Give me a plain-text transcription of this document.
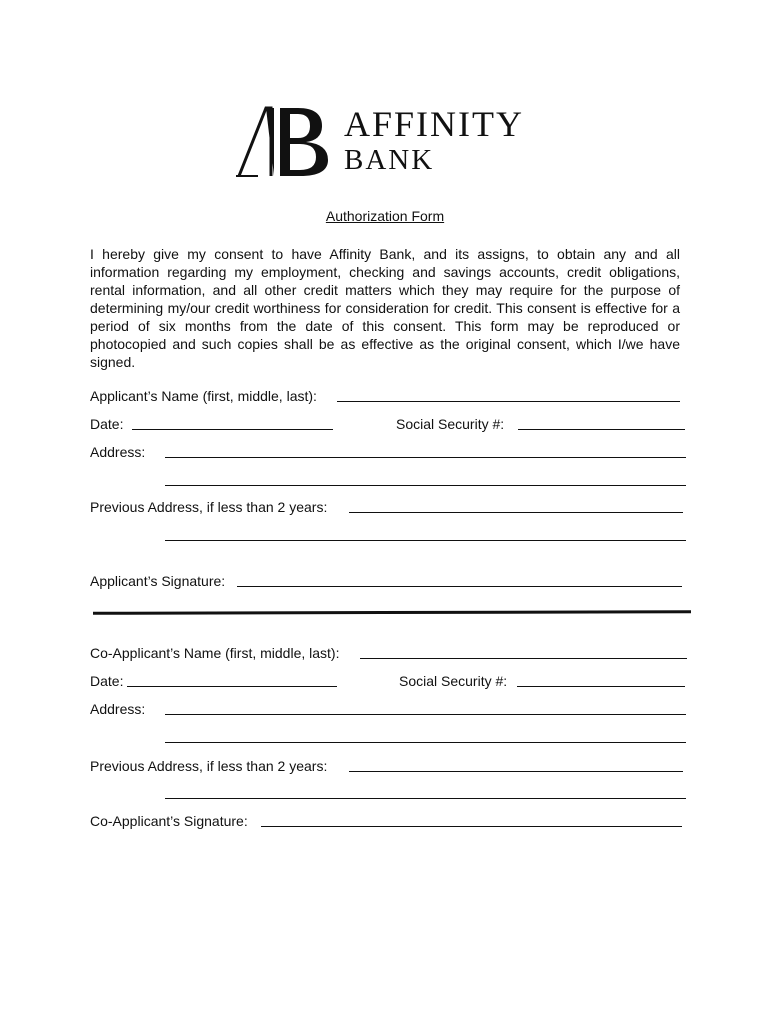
AFFINITY
BANK
Authorization Form

I hereby give my consent to have Affinity Bank, and its assigns, to obtain any and all information regarding my employment, checking and savings accounts, credit obligations, rental information, and all other credit matters which they may require for the purpose of determining my/our credit worthiness for consideration for credit. This consent is effective for a period of six months from the date of this consent. This form may be reproduced or photocopied and such copies shall be as effective as the original consent, which I/we have signed.

Applicant’s Name (first, middle, last):
Date:	Social Security #:
Address:
Previous Address, if less than 2 years:
Applicant’s Signature:
Co-Applicant’s Name (first, middle, last):
Date:	Social Security #:
Address:
Previous Address, if less than 2 years:
Co-Applicant’s Signature:
